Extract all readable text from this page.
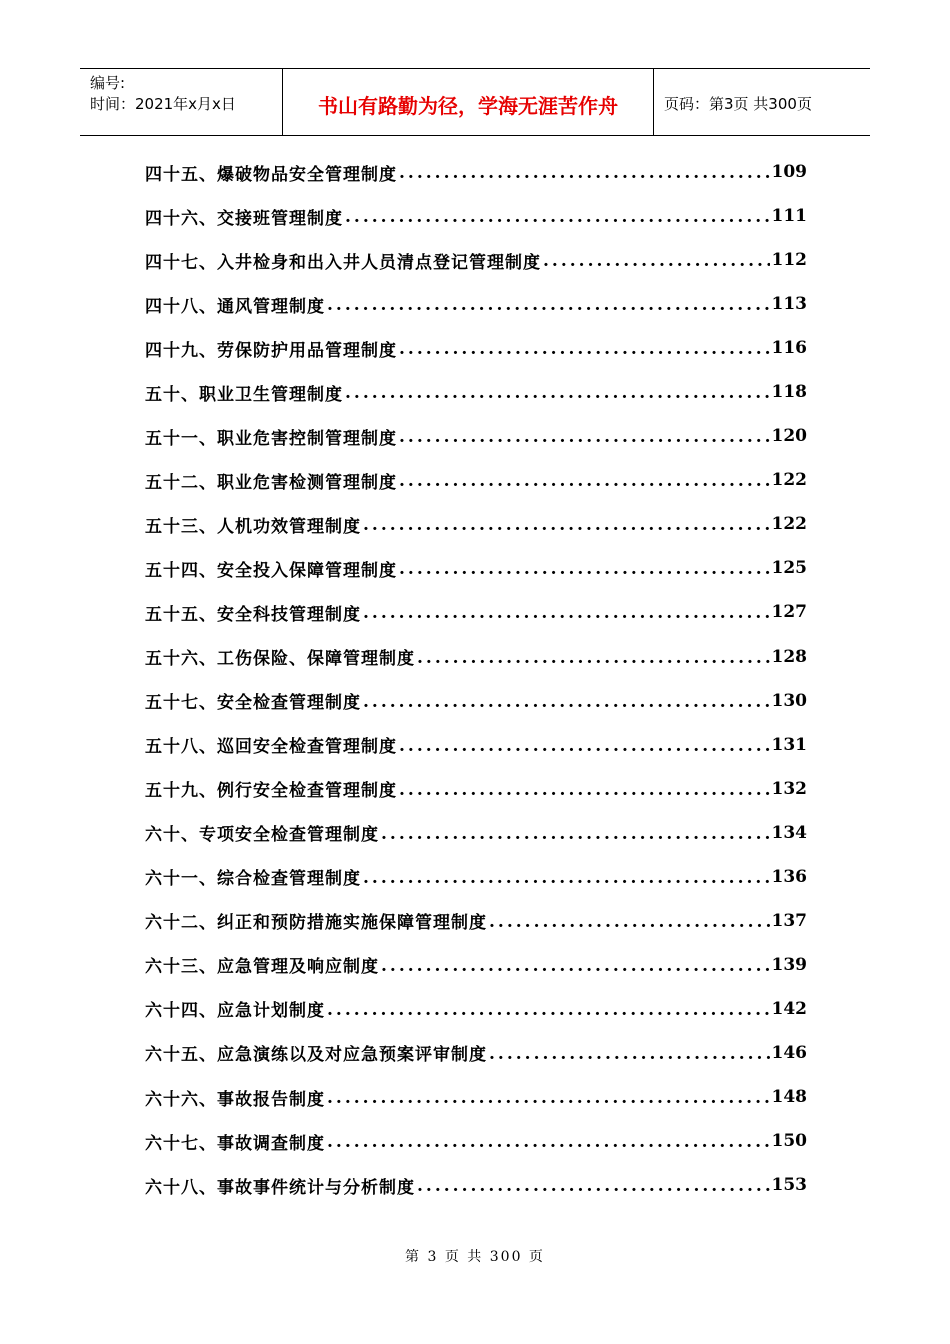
编号:
时间：2021年x月x日	书山有路勤为径，学海无涯苦作舟	页码：第3页 共300页
四十五、爆破物品安全管理制度 .....	109
四十六、交接班管理制度 .....	111
四十七、入井检身和出入井人员清点登记管理制度 .....	112
四十八、通风管理制度 .....	113
四十九、劳保防护用品管理制度 .....	116
五十、职业卫生管理制度 .....	118
五十一、职业危害控制管理制度 .....	120
五十二、职业危害检测管理制度 .....	122
五十三、人机功效管理制度 .....	122
五十四、安全投入保障管理制度 .....	125
五十五、安全科技管理制度 .....	127
五十六、工伤保险、保障管理制度 .....	128
五十七、安全检查管理制度 .....	130
五十八、巡回安全检查管理制度 .....	131
五十九、例行安全检查管理制度 .....	132
六十、专项安全检查管理制度 .....	134
六十一、综合检查管理制度 .....	136
六十二、纠正和预防措施实施保障管理制度 .....	137
六十三、应急管理及响应制度 .....	139
六十四、应急计划制度 .....	142
六十五、应急演练以及对应急预案评审制度 .....	146
六十六、事故报告制度 .....	148
六十七、事故调查制度 .....	150
六十八、事故事件统计与分析制度 .....	153
第 3 页 共 300 页
